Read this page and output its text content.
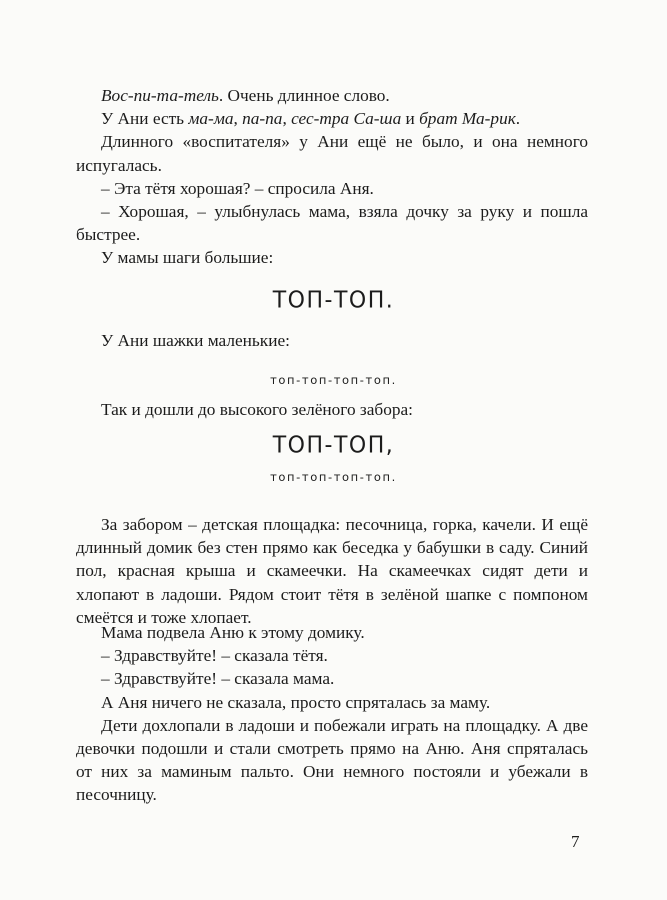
Вос-пи-та-тель. Очень длинное слово.

У Ани есть ма-ма, па-па, сес-тра Са-ша и брат Ма-рик.

Длинного «воспитателя» у Ани ещё не было, и она немного испугалась.

– Эта тётя хорошая? – спросила Аня.

– Хорошая, – улыбнулась мама, взяла дочку за руку и пошла быстрее.

У мамы шаги большие:

ТОП-ТОП.

У Ани шажки маленькие:

топ-топ-топ-топ.

Так и дошли до высокого зелёного забора:

ТОП-ТОП,
топ-топ-топ-топ.

За забором – детская площадка: песочница, горка, качели. И ещё длинный домик без стен прямо как беседка у бабушки в саду. Синий пол, красная крыша и скамеечки. На скамеечках сидят дети и хлопают в ладоши. Рядом стоит тётя в зелёной шапке с помпоном смеётся и тоже хлопает.

Мама подвела Аню к этому домику.

– Здравствуйте! – сказала тётя.

– Здравствуйте! – сказала мама.

А Аня ничего не сказала, просто спряталась за маму.

Дети дохлопали в ладоши и побежали играть на площадку. А две девочки подошли и стали смотреть прямо на Аню. Аня спряталась от них за маминым пальто. Они немного постояли и убежали в песочницу.

7
